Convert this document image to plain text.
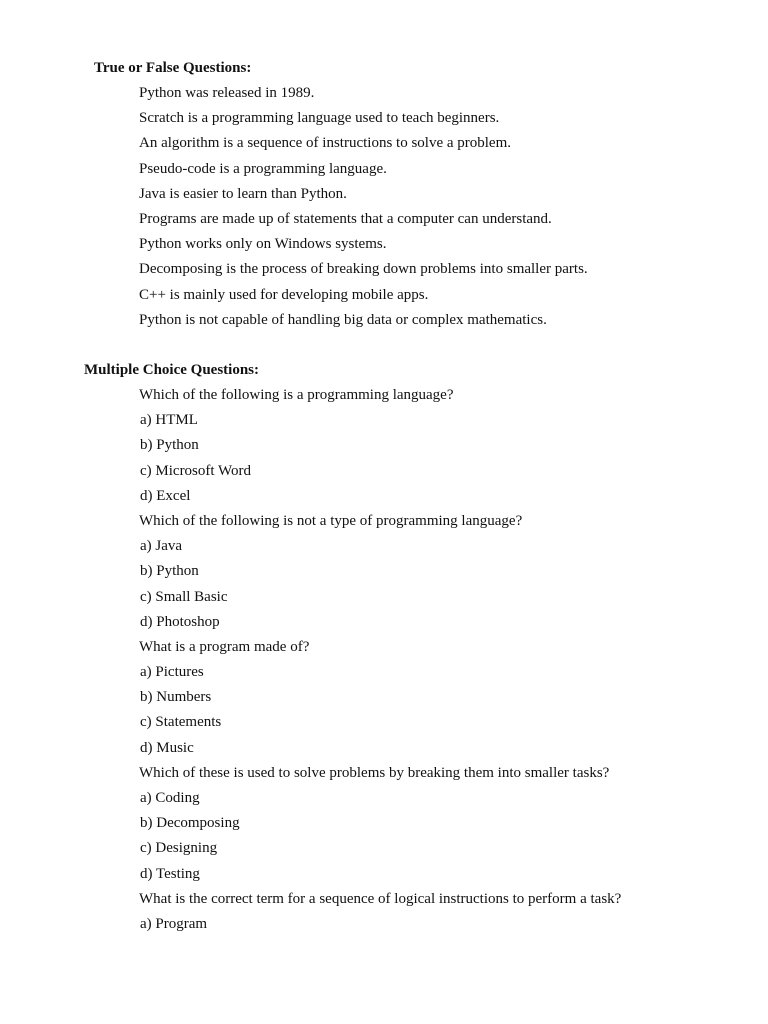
True or False Questions:
Python was released in 1989.
Scratch is a programming language used to teach beginners.
An algorithm is a sequence of instructions to solve a problem.
Pseudo-code is a programming language.
Java is easier to learn than Python.
Programs are made up of statements that a computer can understand.
Python works only on Windows systems.
Decomposing is the process of breaking down problems into smaller parts.
C++ is mainly used for developing mobile apps.
Python is not capable of handling big data or complex mathematics.
Multiple Choice Questions:
Which of the following is a programming language?
a) HTML
b) Python
c) Microsoft Word
d) Excel
Which of the following is not a type of programming language?
a) Java
b) Python
c) Small Basic
d) Photoshop
What is a program made of?
a) Pictures
b) Numbers
c) Statements
d) Music
Which of these is used to solve problems by breaking them into smaller tasks?
a) Coding
b) Decomposing
c) Designing
d) Testing
What is the correct term for a sequence of logical instructions to perform a task?
a) Program
